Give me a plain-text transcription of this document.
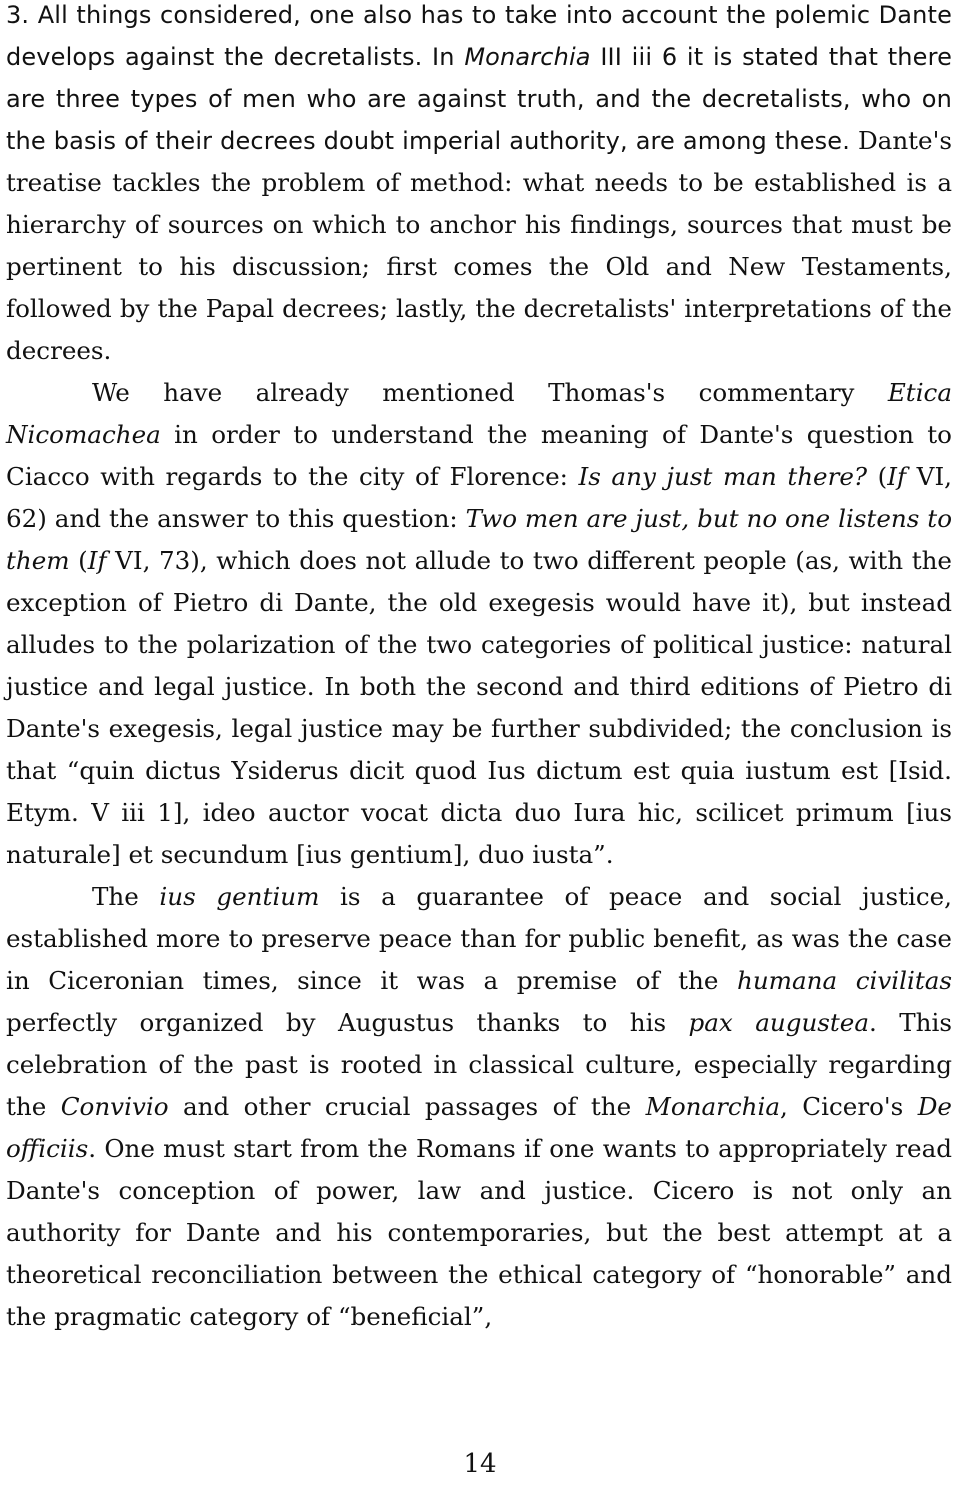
3. All things considered, one also has to take into account the polemic Dante develops against the decretalists. In Monarchia III iii 6 it is stated that there are three types of men who are against truth, and the decretalists, who on the basis of their decrees doubt imperial authority, are among these. Dante's treatise tackles the problem of method: what needs to be established is a hierarchy of sources on which to anchor his findings, sources that must be pertinent to his discussion; first comes the Old and New Testaments, followed by the Papal decrees; lastly, the decretalists' interpretations of the decrees.

We have already mentioned Thomas's commentary Etica Nicomachea in order to understand the meaning of Dante's question to Ciacco with regards to the city of Florence: Is any just man there? (If VI, 62) and the answer to this question: Two men are just, but no one listens to them (If VI, 73), which does not allude to two different people (as, with the exception of Pietro di Dante, the old exegesis would have it), but instead alludes to the polarization of the two categories of political justice: natural justice and legal justice. In both the second and third editions of Pietro di Dante's exegesis, legal justice may be further subdivided; the conclusion is that “quin dictus Ysiderus dicit quod Ius dictum est quia iustum est [Isid. Etym. V iii 1], ideo auctor vocat dicta duo Iura hic, scilicet primum [ius naturale] et secundum [ius gentium], duo iusta”.

The ius gentium is a guarantee of peace and social justice, established more to preserve peace than for public benefit, as was the case in Ciceronian times, since it was a premise of the humana civilitas perfectly organized by Augustus thanks to his pax augustea. This celebration of the past is rooted in classical culture, especially regarding the Convivio and other crucial passages of the Monarchia, Cicero's De officiis. One must start from the Romans if one wants to appropriately read Dante's conception of power, law and justice. Cicero is not only an authority for Dante and his contemporaries, but the best attempt at a theoretical reconciliation between the ethical category of “honorable” and the pragmatic category of “beneficial”,

14
